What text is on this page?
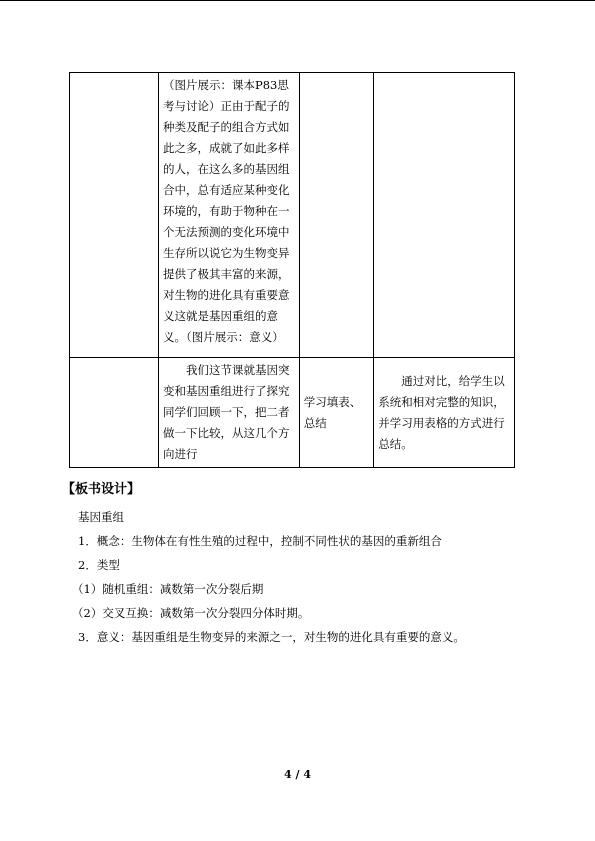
	（图片展示：课本P83思考与讨论）正由于配子的种类及配子的组合方式如此之多，成就了如此多样的人，在这么多的基因组合中，总有适应某种变化环境的，有助于物种在一个无法预测的变化环境中生存所以说它为生物变异提供了极其丰富的来源，对生物的进化具有重要意义这就是基因重组的意义。（图片展示：意义）		
	我们这节课就基因突变和基因重组进行了探究同学们回顾一下，把二者做一下比较，从这几个方向进行	学习填表、总结	通过对比，给学生以系统和相对完整的知识，并学习用表格的方式进行总结。
【板书设计】
基因重组
1．概念：生物体在有性生殖的过程中，控制不同性状的基因的重新组合
2．类型
（1）随机重组：减数第一次分裂后期
（2）交叉互换：减数第一次分裂四分体时期。
3．意义：基因重组是生物变异的来源之一，对生物的进化具有重要的意义。
4 / 4
